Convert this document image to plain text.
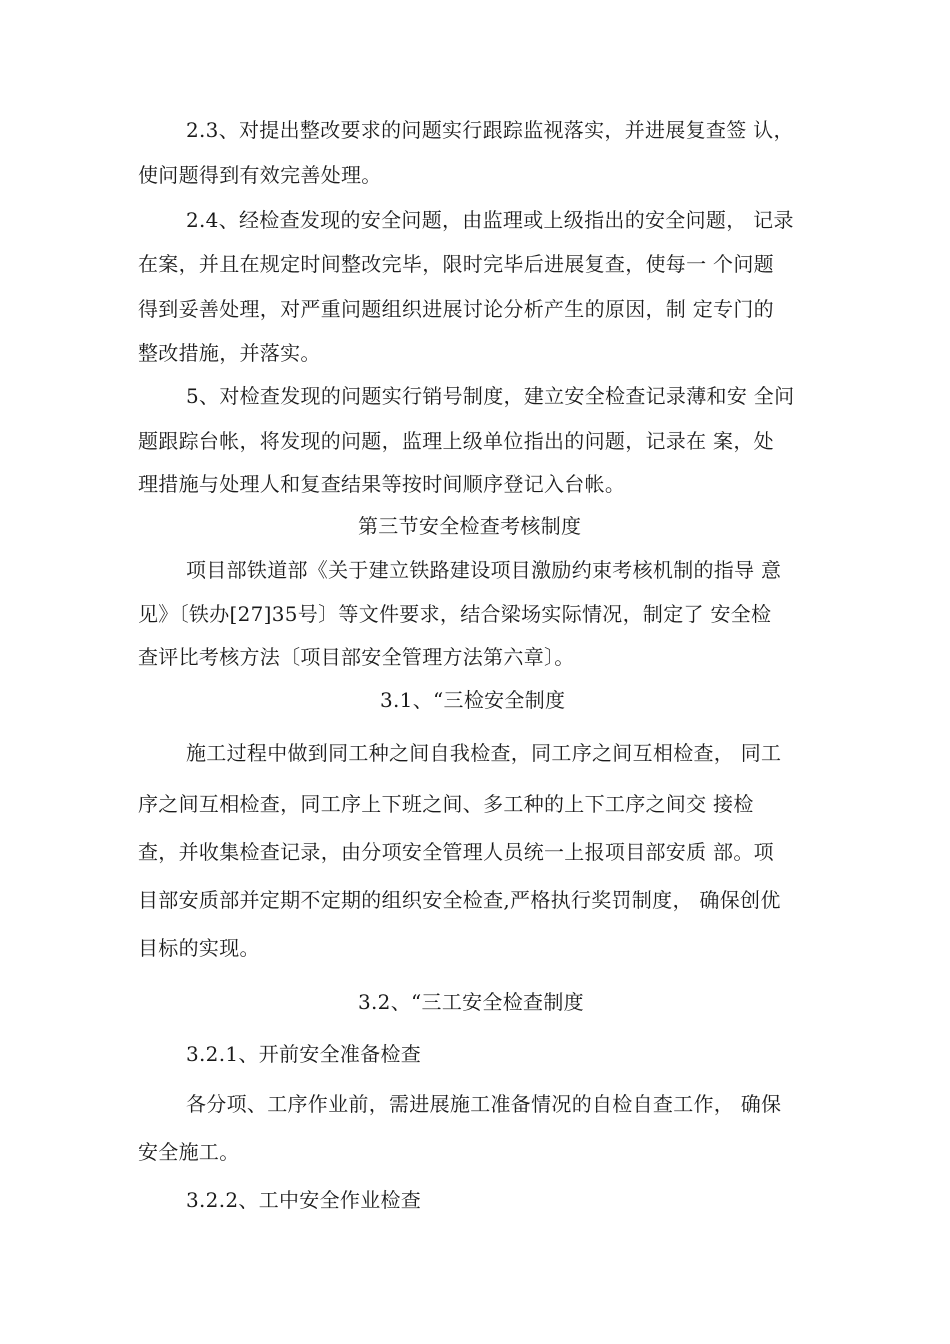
2.3、对提出整改要求的问题实行跟踪监视落实，并进展复查签 认，
使问题得到有效完善处理。
2.4、经检查发现的安全问题，由监理或上级指出的安全问题， 记录
在案，并且在规定时间整改完毕，限时完毕后进展复查，使每一 个问题
得到妥善处理，对严重问题组织进展讨论分析产生的原因，制 定专门的
整改措施，并落实。
5、对检查发现的问题实行销号制度，建立安全检查记录薄和安 全问
题跟踪台帐，将发现的问题，监理上级单位指出的问题，记录在 案，处
理措施与处理人和复查结果等按时间顺序登记入台帐。
第三节安全检查考核制度
项目部铁道部《关于建立铁路建设项目激励约束考核机制的指导 意
见》〔铁办[27]35号〕等文件要求，结合梁场实际情况，制定了 安全检
查评比考核方法〔项目部安全管理方法第六章〕。
3.1、“三检安全制度
施工过程中做到同工种之间自我检查，同工序之间互相检查， 同工
序之间互相检查，同工序上下班之间、多工种的上下工序之间交 接检
查，并收集检查记录，由分项安全管理人员统一上报项目部安质 部。项
目部安质部并定期不定期的组织安全检查,严格执行奖罚制度， 确保创优
目标的实现。
3.2、“三工安全检查制度
3.2.1、开前安全准备检查
各分项、工序作业前，需进展施工准备情况的自检自查工作， 确保
安全施工。
3.2.2、工中安全作业检查
